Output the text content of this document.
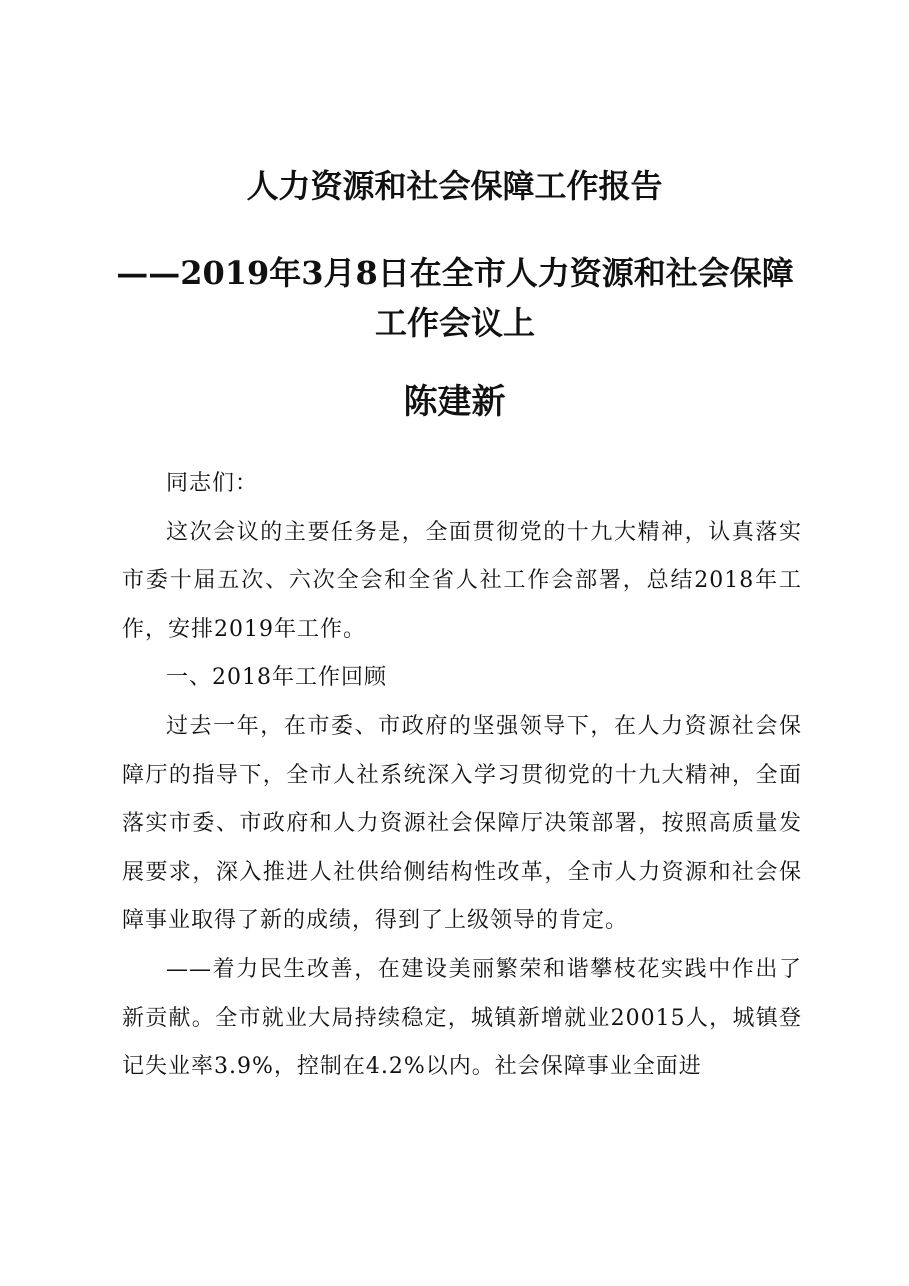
人力资源和社会保障工作报告
——2019年3月8日在全市人力资源和社会保障工作会议上
陈建新

同志们：

这次会议的主要任务是，全面贯彻党的十九大精神，认真落实市委十届五次、六次全会和全省人社工作会部署，总结2018年工作，安排2019年工作。

一、2018年工作回顾

过去一年，在市委、市政府的坚强领导下，在人力资源社会保障厅的指导下，全市人社系统深入学习贯彻党的十九大精神，全面落实市委、市政府和人力资源社会保障厅决策部署，按照高质量发展要求，深入推进人社供给侧结构性改革，全市人力资源和社会保障事业取得了新的成绩，得到了上级领导的肯定。

——着力民生改善，在建设美丽繁荣和谐攀枝花实践中作出了新贡献。全市就业大局持续稳定，城镇新增就业20015人，城镇登记失业率3.9%，控制在4.2%以内。社会保障事业全面进
